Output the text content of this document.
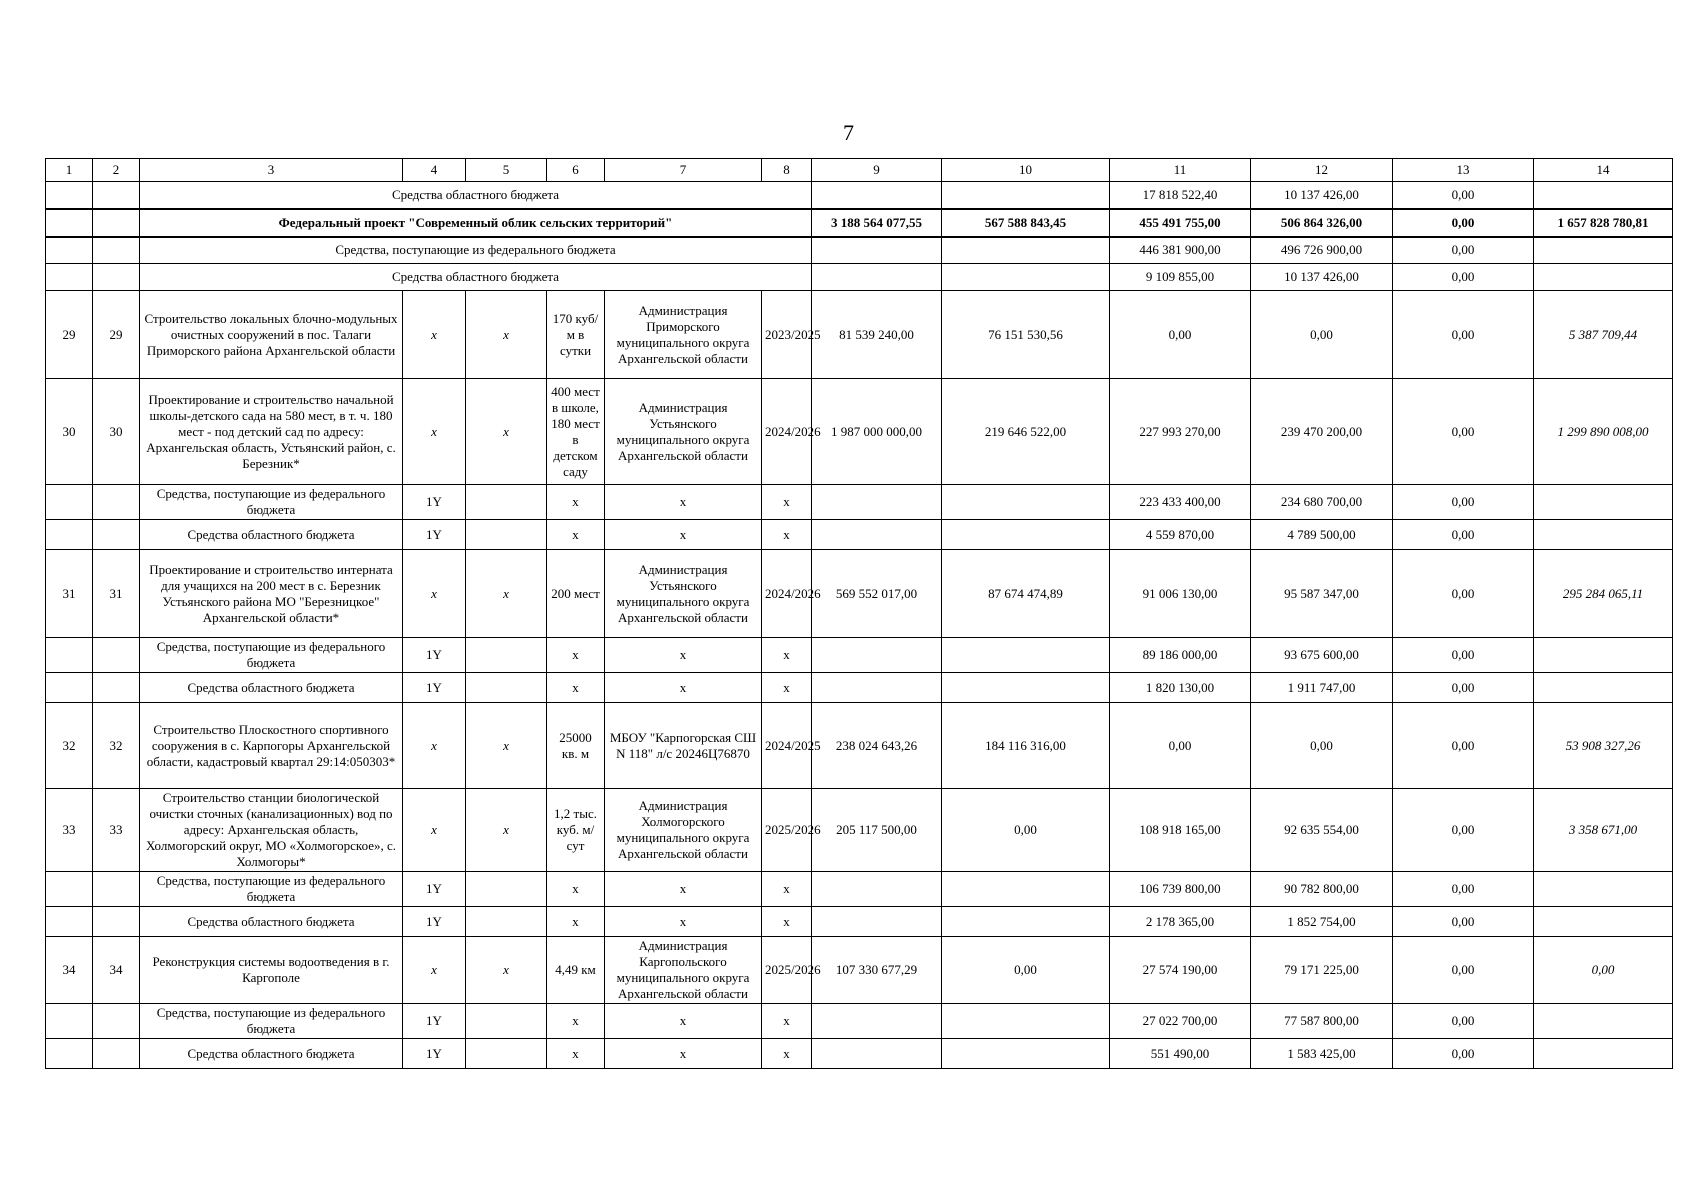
7
1	2	3	4	5	6	7	8	9	10	11	12	13	14
		Средства областного бюджета								17 818 522,40	10 137 426,00	0,00	
		Федеральный проект "Современный облик сельских территорий"						3 188 564 077,55	567 588 843,45	455 491 755,00	506 864 326,00	0,00	1 657 828 780,81
		Средства, поступающие из федерального бюджета								446 381 900,00	496 726 900,00	0,00	
		Средства областного бюджета								9 109 855,00	10 137 426,00	0,00	
29	29	Строительство локальных блочно-модульных очистных сооружений в пос. Талаги Приморского района Архангельской области	x	x	170 куб/м в сутки	Администрация Приморского муниципального округа Архангельской области	2023/2025	81 539 240,00	76 151 530,56	0,00	0,00	0,00	5 387 709,44
30	30	Проектирование и строительство начальной школы-детского сада на 580 мест, в т. ч. 180 мест - под детский сад по адресу: Архангельская область, Устьянский район, с. Березник*	x	x	400 мест в школе, 180 мест в детском саду	Администрация Устьянского муниципального округа Архангельской области	2024/2026	1 987 000 000,00	219 646 522,00	227 993 270,00	239 470 200,00	0,00	1 299 890 008,00
		Средства, поступающие из федерального бюджета	1Y		x	x	x			223 433 400,00	234 680 700,00	0,00	
		Средства областного бюджета	1Y		x	x	x			4 559 870,00	4 789 500,00	0,00	
31	31	Проектирование и строительство интерната для учащихся на 200 мест в с. Березник Устьянского района МО "Березницкое" Архангельской области*	x	x	200 мест	Администрация Устьянского муниципального округа Архангельской области	2024/2026	569 552 017,00	87 674 474,89	91 006 130,00	95 587 347,00	0,00	295 284 065,11
		Средства, поступающие из федерального бюджета	1Y		x	x	x			89 186 000,00	93 675 600,00	0,00	
		Средства областного бюджета	1Y		x	x	x			1 820 130,00	1 911 747,00	0,00	
32	32	Строительство Плоскостного спортивного сооружения в с. Карпогоры Архангельской области, кадастровый квартал 29:14:050303*	x	x	25000 кв. м	МБОУ "Карпогорская СШ N 118" л/с 20246Ц76870	2024/2025	238 024 643,26	184 116 316,00	0,00	0,00	0,00	53 908 327,26
33	33	Строительство станции биологической очистки сточных (канализационных) вод по адресу: Архангельская область, Холмогорский округ, МО «Холмогорское», с. Холмогоры*	x	x	1,2 тыс. куб. м/сут	Администрация Холмогорского муниципального округа Архангельской области	2025/2026	205 117 500,00	0,00	108 918 165,00	92 635 554,00	0,00	3 358 671,00
		Средства, поступающие из федерального бюджета	1Y		x	x	x			106 739 800,00	90 782 800,00	0,00	
		Средства областного бюджета	1Y		x	x	x			2 178 365,00	1 852 754,00	0,00	
34	34	Реконструкция системы водоотведения в г. Каргополе	x	x	4,49 км	Администрация Каргопольского муниципального округа Архангельской области	2025/2026	107 330 677,29	0,00	27 574 190,00	79 171 225,00	0,00	0,00
		Средства, поступающие из федерального бюджета	1Y		x	x	x			27 022 700,00	77 587 800,00	0,00	
		Средства областного бюджета	1Y		x	x	x			551 490,00	1 583 425,00	0,00	
